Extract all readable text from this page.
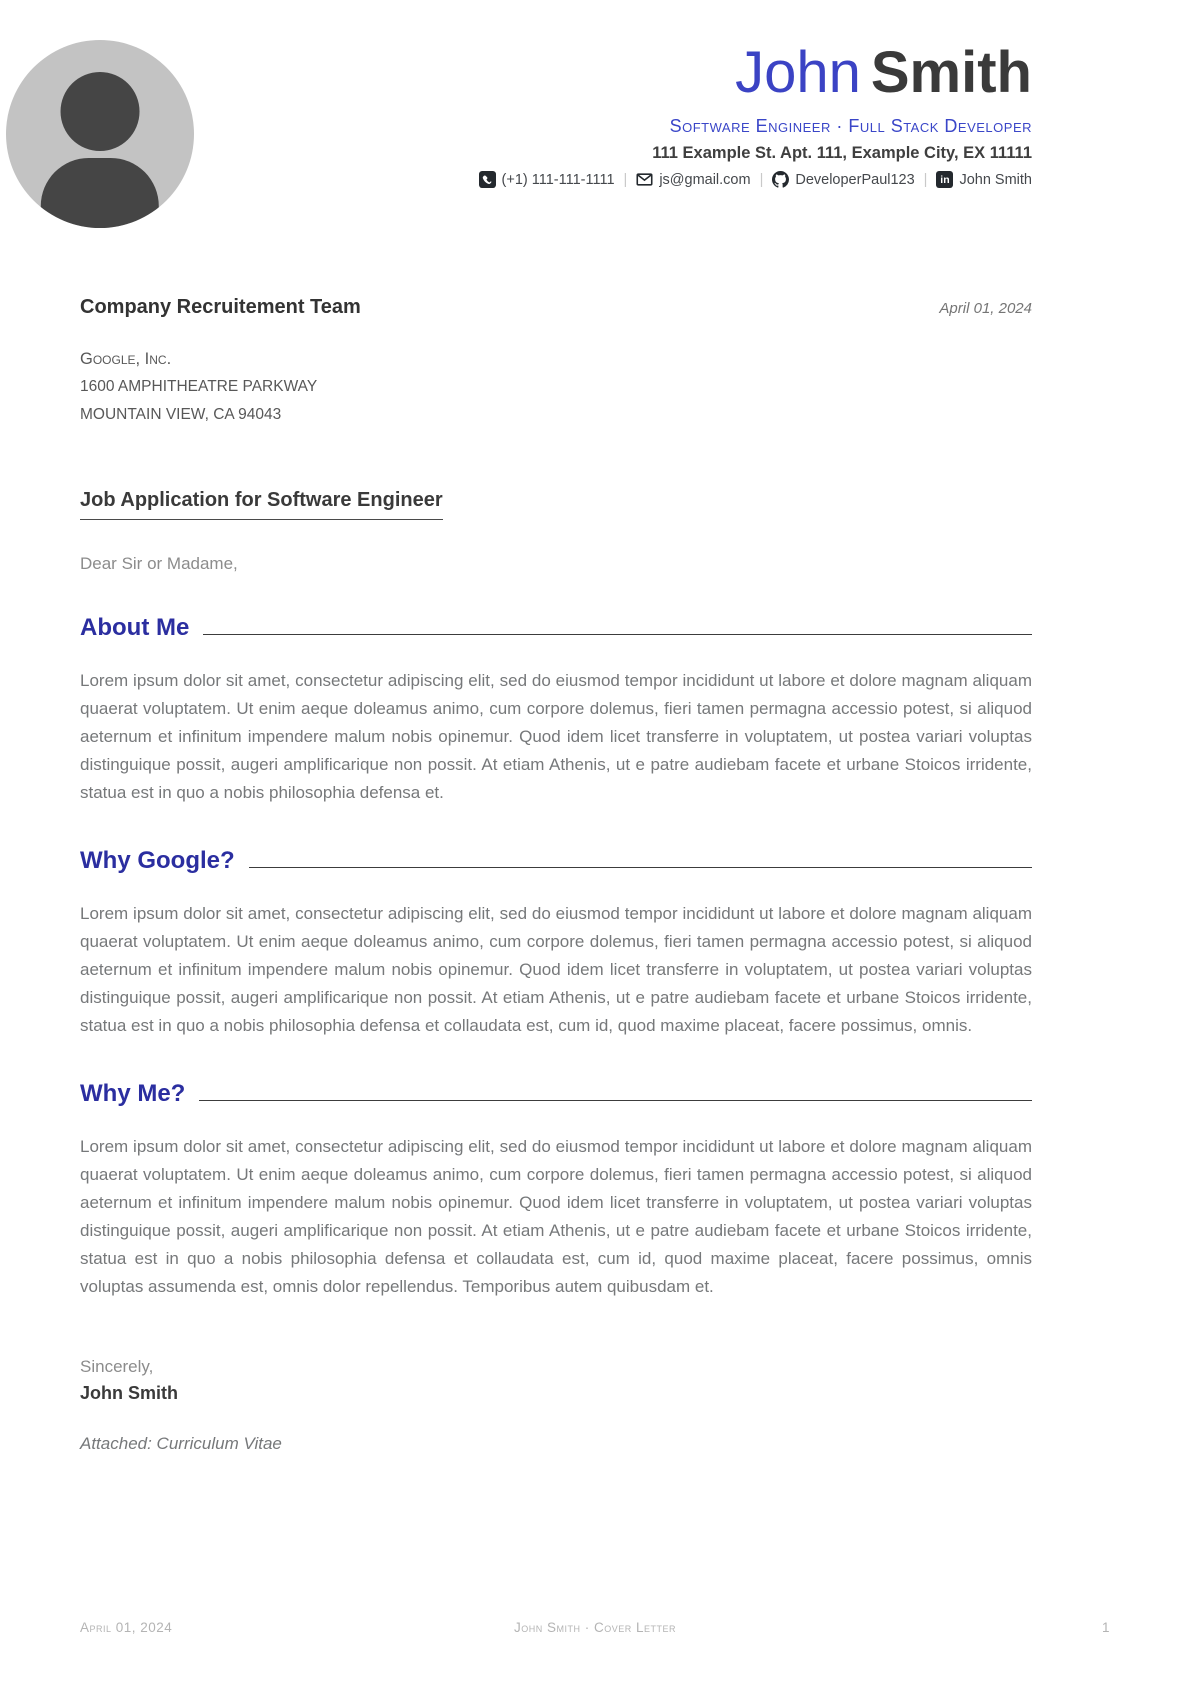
John Smith
Software Engineer · Full Stack Developer
111 Example St. Apt. 111, Example City, EX 11111
(+1) 111-111-1111 | js@gmail.com | DeveloperPaul123 |	in John Smith
Company Recruitement Team	April 01, 2024
Google, Inc.
1600 AMPHITHEATRE PARKWAY
MOUNTAIN VIEW, CA 94043
Job Application for Software Engineer
Dear Sir or Madame,
About Me

Lorem ipsum dolor sit amet, consectetur adipiscing elit, sed do eiusmod tempor incididunt ut labore et dolore magnam aliquam quaerat voluptatem. Ut enim aeque doleamus animo, cum corpore dolemus, fieri tamen permagna accessio potest, si aliquod aeternum et infinitum impendere malum nobis opinemur. Quod idem licet transferre in voluptatem, ut postea variari voluptas distinguique possit, augeri amplificarique non possit. At etiam Athenis, ut e patre audiebam facete et urbane Stoicos irridente, statua est in quo a nobis philosophia defensa et.

Why Google?

Lorem ipsum dolor sit amet, consectetur adipiscing elit, sed do eiusmod tempor incididunt ut labore et dolore magnam aliquam quaerat voluptatem. Ut enim aeque doleamus animo, cum corpore dolemus, fieri tamen permagna accessio potest, si aliquod aeternum et infinitum impendere malum nobis opinemur. Quod idem licet transferre in voluptatem, ut postea variari voluptas distinguique possit, augeri amplificarique non possit. At etiam Athenis, ut e patre audiebam facete et urbane Stoicos irridente, statua est in quo a nobis philosophia defensa et collaudata est, cum id, quod maxime placeat, facere possimus, omnis.

Why Me?

Lorem ipsum dolor sit amet, consectetur adipiscing elit, sed do eiusmod tempor incididunt ut labore et dolore magnam aliquam quaerat voluptatem. Ut enim aeque doleamus animo, cum corpore dolemus, fieri tamen permagna accessio potest, si aliquod aeternum et infinitum impendere malum nobis opinemur. Quod idem licet transferre in voluptatem, ut postea variari voluptas distinguique possit, augeri amplificarique non possit. At etiam Athenis, ut e patre audiebam facete et urbane Stoicos irridente, statua est in quo a nobis philosophia defensa et collaudata est, cum id, quod maxime placeat, facere possimus, omnis voluptas assumenda est, omnis dolor repellendus. Temporibus autem quibusdam et.

Sincerely,
John Smith
Attached: Curriculum Vitae
April 01, 2024	John Smith · Cover Letter	1
